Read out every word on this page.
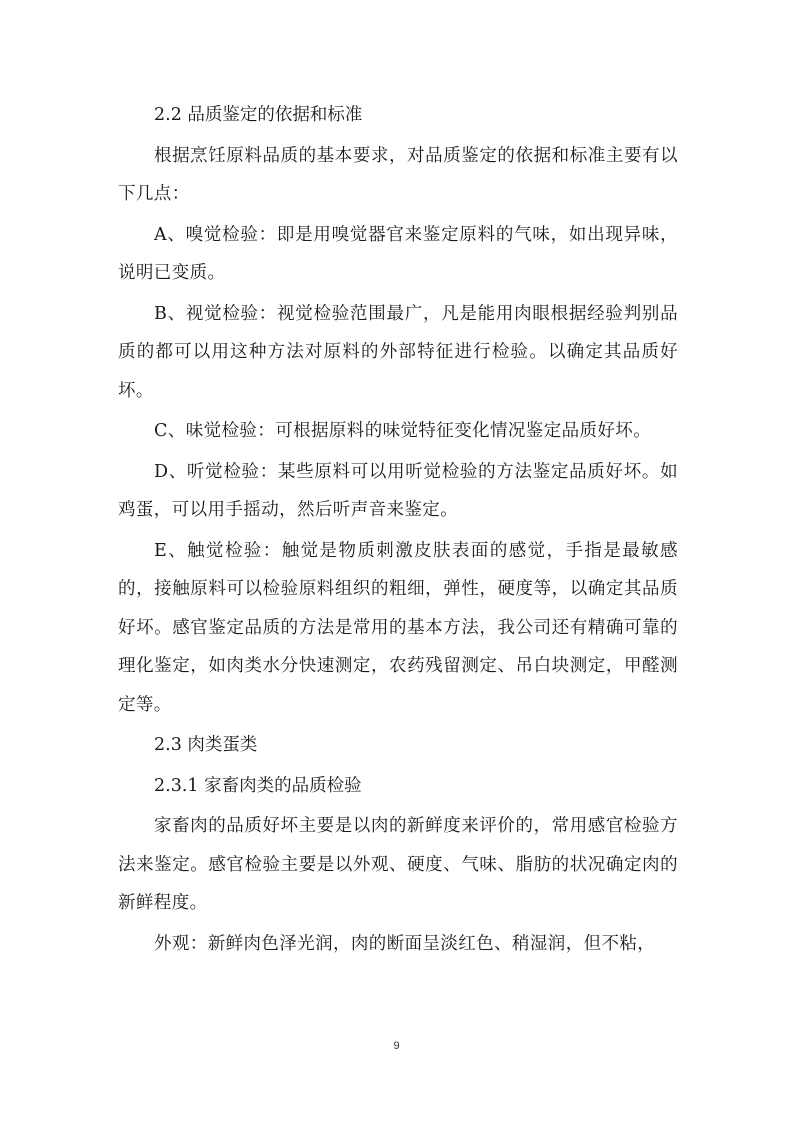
2.2 品质鉴定的依据和标准

根据烹饪原料品质的基本要求，对品质鉴定的依据和标准主要有以下几点：

A、嗅觉检验：即是用嗅觉器官来鉴定原料的气味，如出现异味，说明已变质。

B、视觉检验：视觉检验范围最广，凡是能用肉眼根据经验判别品质的都可以用这种方法对原料的外部特征进行检验。以确定其品质好坏。

C、味觉检验：可根据原料的味觉特征变化情况鉴定品质好坏。

D、听觉检验：某些原料可以用听觉检验的方法鉴定品质好坏。如鸡蛋，可以用手摇动，然后听声音来鉴定。

E、触觉检验：触觉是物质刺激皮肤表面的感觉，手指是最敏感的，接触原料可以检验原料组织的粗细，弹性，硬度等，以确定其品质好坏。感官鉴定品质的方法是常用的基本方法，我公司还有精确可靠的理化鉴定，如肉类水分快速测定，农药残留测定、吊白块测定，甲醛测定等。

2.3 肉类蛋类

2.3.1 家畜肉类的品质检验

家畜肉的品质好坏主要是以肉的新鲜度来评价的，常用感官检验方法来鉴定。感官检验主要是以外观、硬度、气味、脂肪的状况确定肉的新鲜程度。

外观：新鲜肉色泽光润，肉的断面呈淡红色、稍湿润，但不粘，

9
